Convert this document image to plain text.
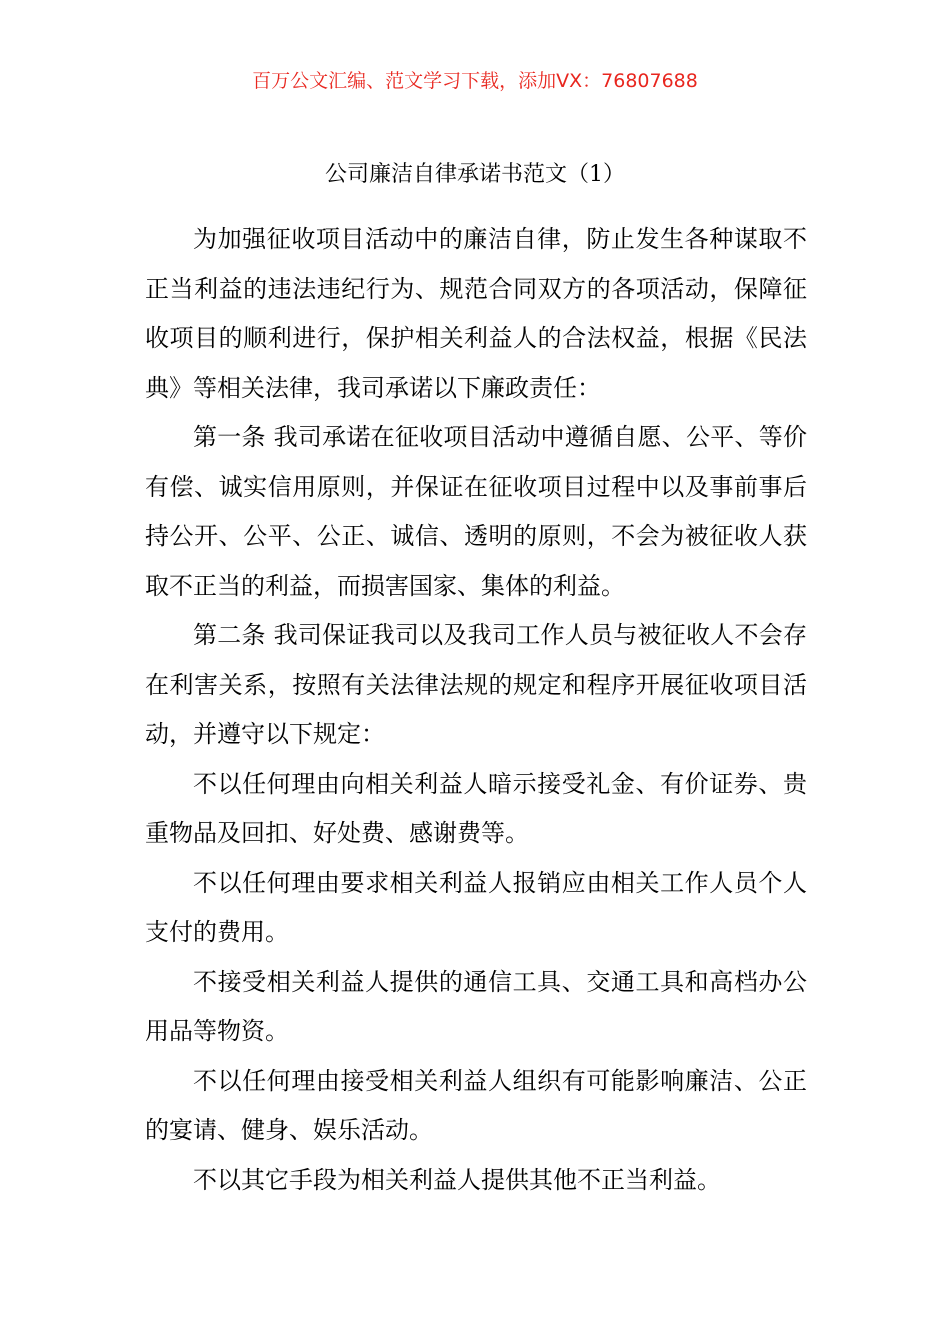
百万公文汇编、范文学习下载，添加VX：76807688
公司廉洁自律承诺书范文（1）

为加强征收项目活动中的廉洁自律，防止发生各种谋取不正当利益的违法违纪行为、规范合同双方的各项活动，保障征收项目的顺利进行，保护相关利益人的合法权益，根据《民法典》等相关法律，我司承诺以下廉政责任：

第一条 我司承诺在征收项目活动中遵循自愿、公平、等价有偿、诚实信用原则，并保证在征收项目过程中以及事前事后持公开、公平、公正、诚信、透明的原则，不会为被征收人获取不正当的利益，而损害国家、集体的利益。

第二条 我司保证我司以及我司工作人员与被征收人不会存在利害关系，按照有关法律法规的规定和程序开展征收项目活动，并遵守以下规定：

不以任何理由向相关利益人暗示接受礼金、有价证券、贵重物品及回扣、好处费、感谢费等。

不以任何理由要求相关利益人报销应由相关工作人员个人支付的费用。

不接受相关利益人提供的通信工具、交通工具和高档办公用品等物资。

不以任何理由接受相关利益人组织有可能影响廉洁、公正的宴请、健身、娱乐活动。

不以其它手段为相关利益人提供其他不正当利益。
